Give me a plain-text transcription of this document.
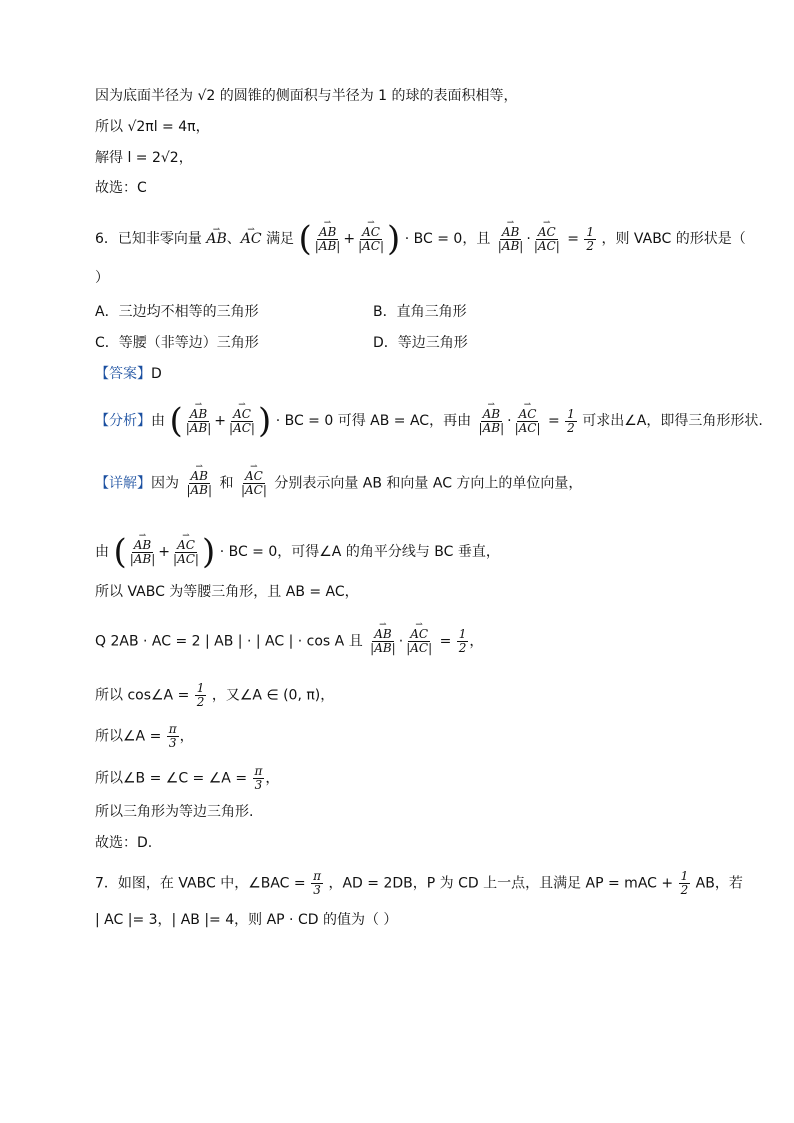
因为底面半径为 √2 的圆锥的侧面积与半径为 1 的球的表面积相等，
所以 √2πl = 4π，
解得 l = 2√2，
故选：C
6．已知非零向量 ⇀ AB、⇀ AC 满足 ( ⇀ $\frac{AB}{|AB|}$ + ⇀ $\frac{AC}{|AC|}$ ) · BC = 0，且 ⇀ $\frac{AB}{|AB|}$ · ⇀ $\frac{AC}{|AC|} = \frac{1}{2}$ ，则 VABC 的形状是（
）
A．三边均不相等的三角形	B．直角三角形
C．等腰（非等边）三角形	D．等边三角形
【答案】D
【分析】由 ( ⇀ $\frac{AB}{|AB|}$ + ⇀ $\frac{AC}{|AC|}$ ) · BC = 0 可得 AB = AC，再由 ⇀ $\frac{AB}{|AB|}$ · ⇀ $\frac{AC}{|AC|} = \frac{1}{2}$ 可求出∠A，即得三角形形状.
【详解】因为 ⇀ $\frac{AB}{|AB|}$ 和 ⇀ $\frac{AC}{|AC|}$ 分别表示向量 AB 和向量 AC 方向上的单位向量，
由 ( ⇀ $\frac{AB}{|AB|}$ + ⇀ $\frac{AC}{|AC|}$ ) · BC = 0，可得∠A 的角平分线与 BC 垂直，
所以 VABC 为等腰三角形，且 AB = AC，
Q 2AB · AC = 2 | AB | · | AC | · cos A 且 ⇀ $\frac{AB}{|AB|}$ · ⇀ $\frac{AC}{|AC|} = \frac{1}{2}$ ，
所以 cos∠A = $\frac{1}{2}$ ，又∠A ∈ (0, π)，
所以∠A = $\frac{\pi}{3}$ ，
所以∠B = ∠C = ∠A = $\frac{\pi}{3}$ ，
所以三角形为等边三角形.
故选：D.
7．如图，在 VABC 中，∠BAC = $\frac{\pi}{3}$ ，AD = 2DB，P 为 CD 上一点，且满足 AP = mAC + $\frac{1}{2}$ AB，若
| AC |= 3，| AB |= 4，则 AP · CD 的值为（ ）
